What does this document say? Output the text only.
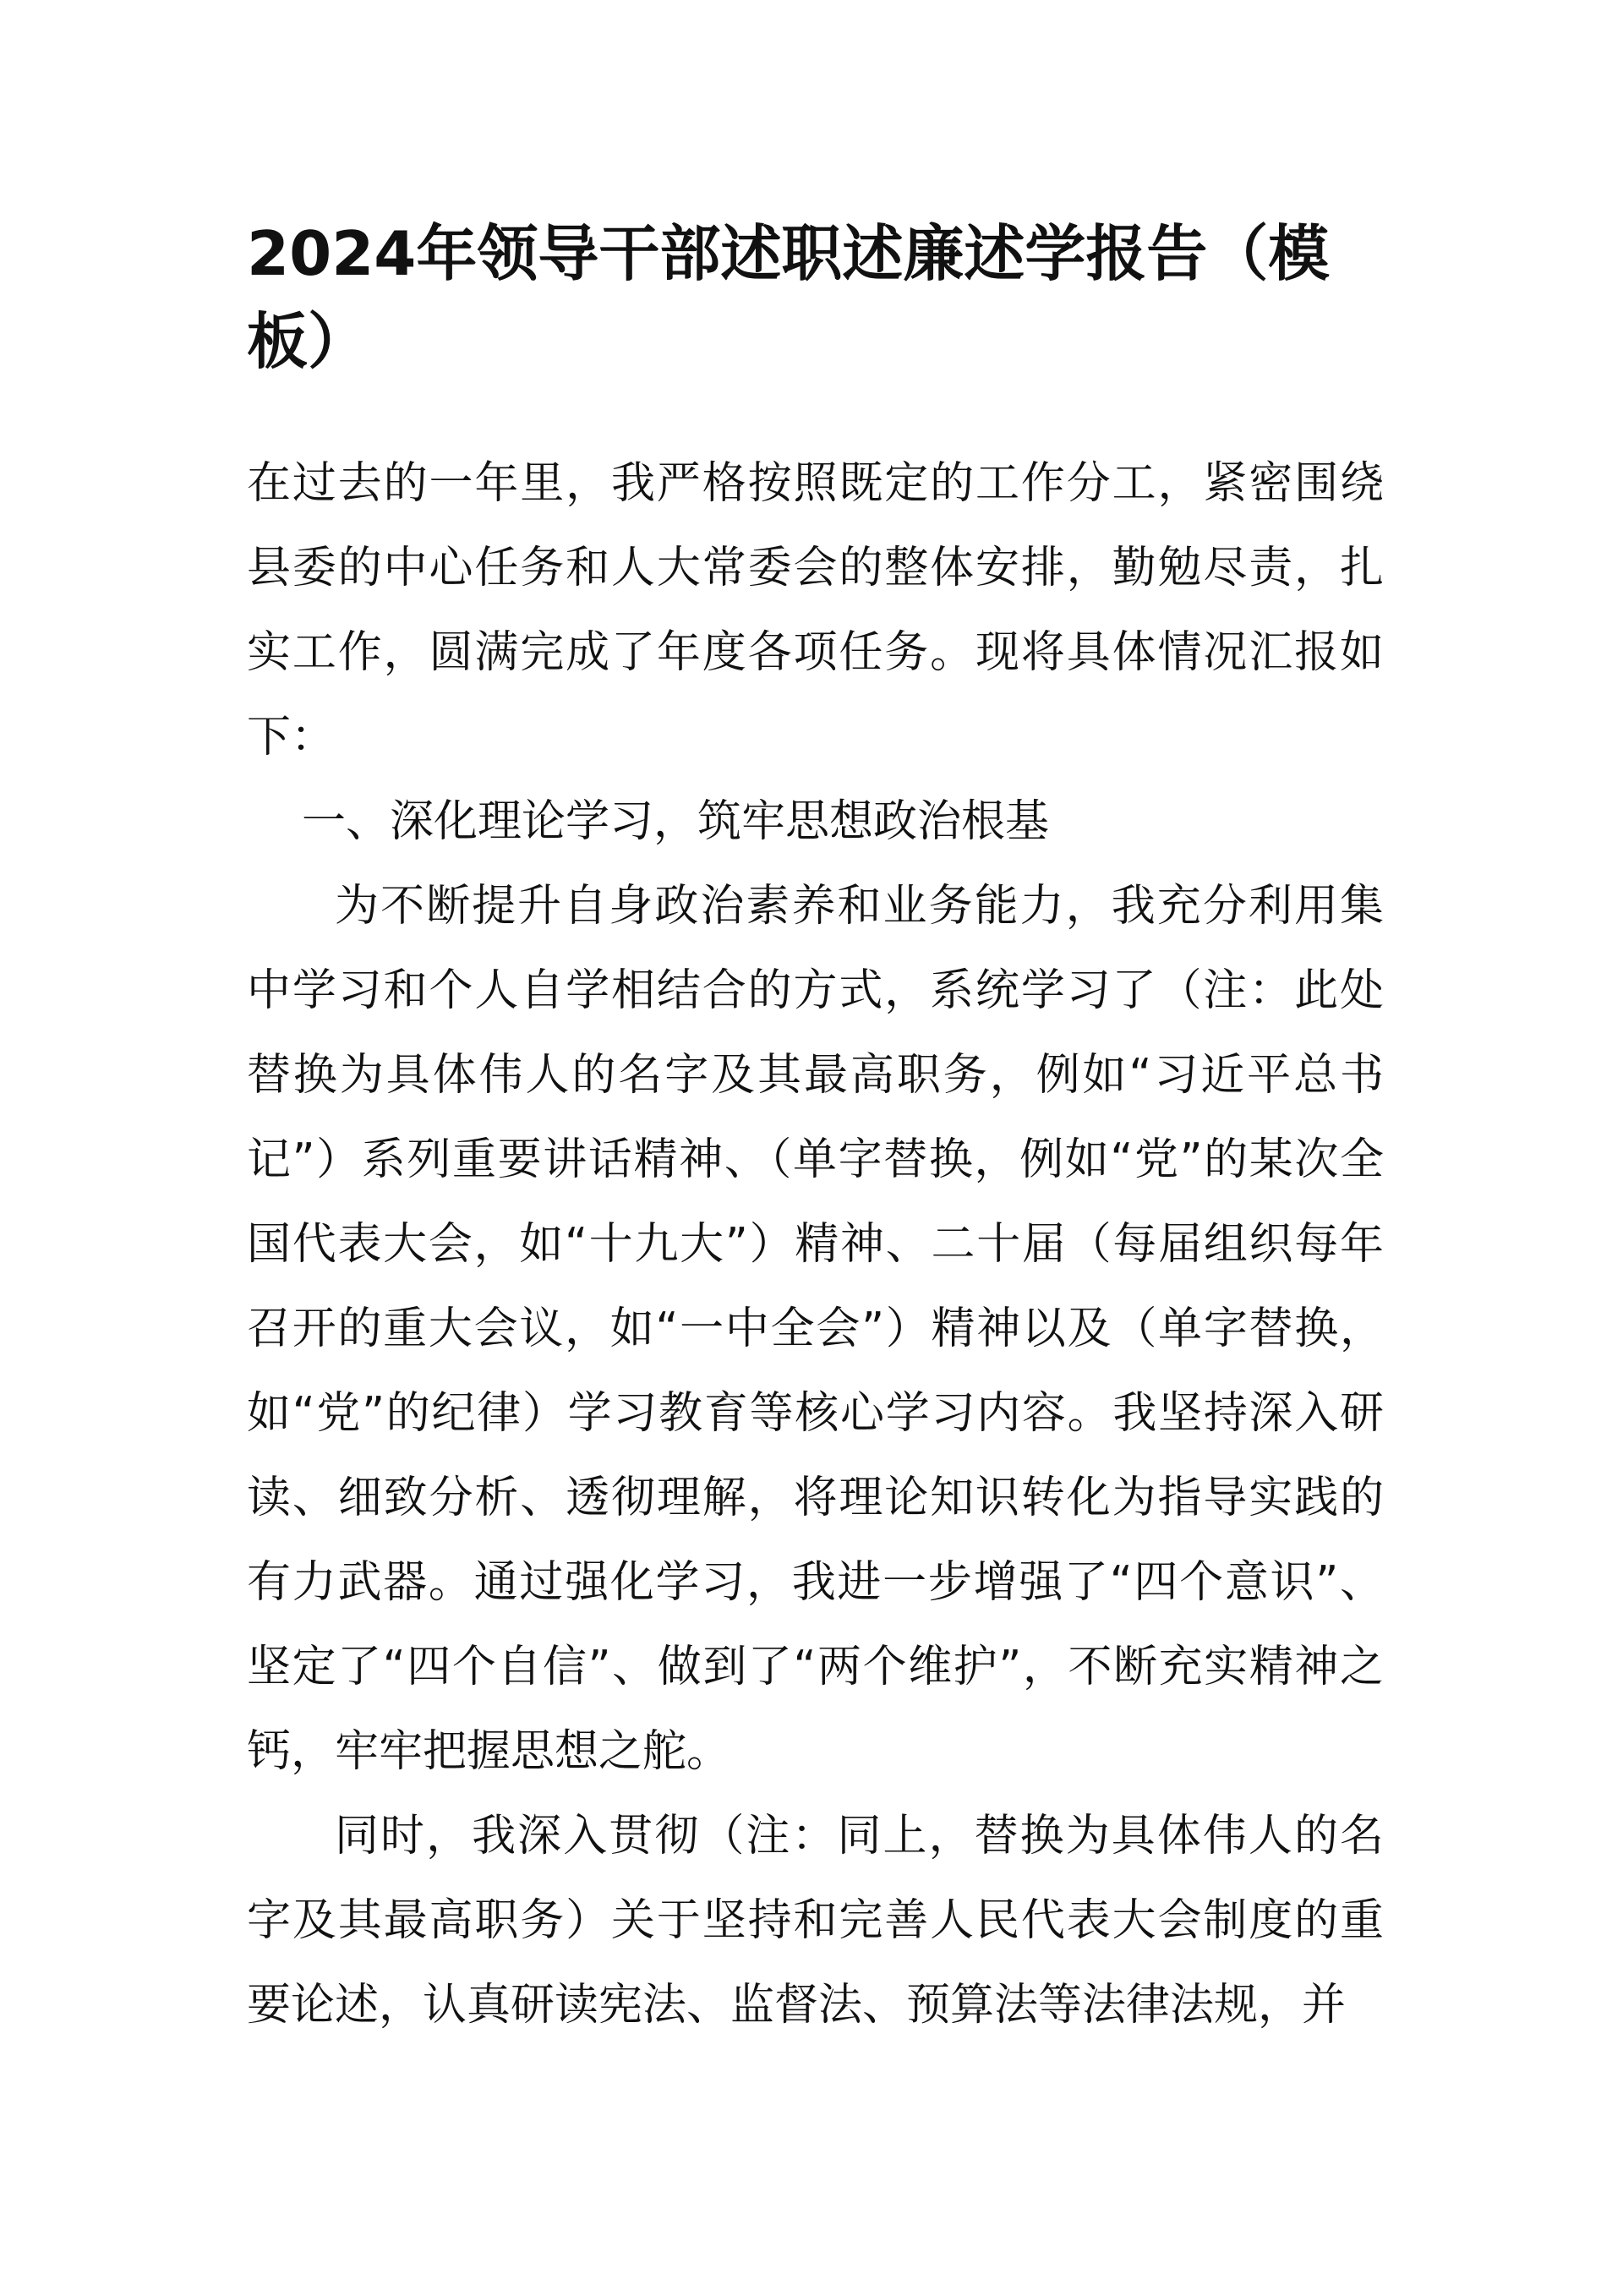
2024年领导干部述职述廉述学报告（模板）

在过去的一年里，我严格按照既定的工作分工，紧密围绕县委的中心任务和人大常委会的整体安排，勤勉尽责，扎实工作，圆满完成了年度各项任务。现将具体情况汇报如下：

一、深化理论学习，筑牢思想政治根基

为不断提升自身政治素养和业务能力，我充分利用集中学习和个人自学相结合的方式，系统学习了（注：此处替换为具体伟人的名字及其最高职务，例如“习近平总书记”）系列重要讲话精神、（单字替换，例如“党”的某次全国代表大会，如“十九大”）精神、二十届（每届组织每年召开的重大会议，如“一中全会”）精神以及（单字替换，如“党”的纪律）学习教育等核心学习内容。我坚持深入研读、细致分析、透彻理解，将理论知识转化为指导实践的有力武器。通过强化学习，我进一步增强了“四个意识”、坚定了“四个自信”、做到了“两个维护”，不断充实精神之钙，牢牢把握思想之舵。

同时，我深入贯彻（注：同上，替换为具体伟人的名字及其最高职务）关于坚持和完善人民代表大会制度的重要论述，认真研读宪法、监督法、预算法等法律法规，并
